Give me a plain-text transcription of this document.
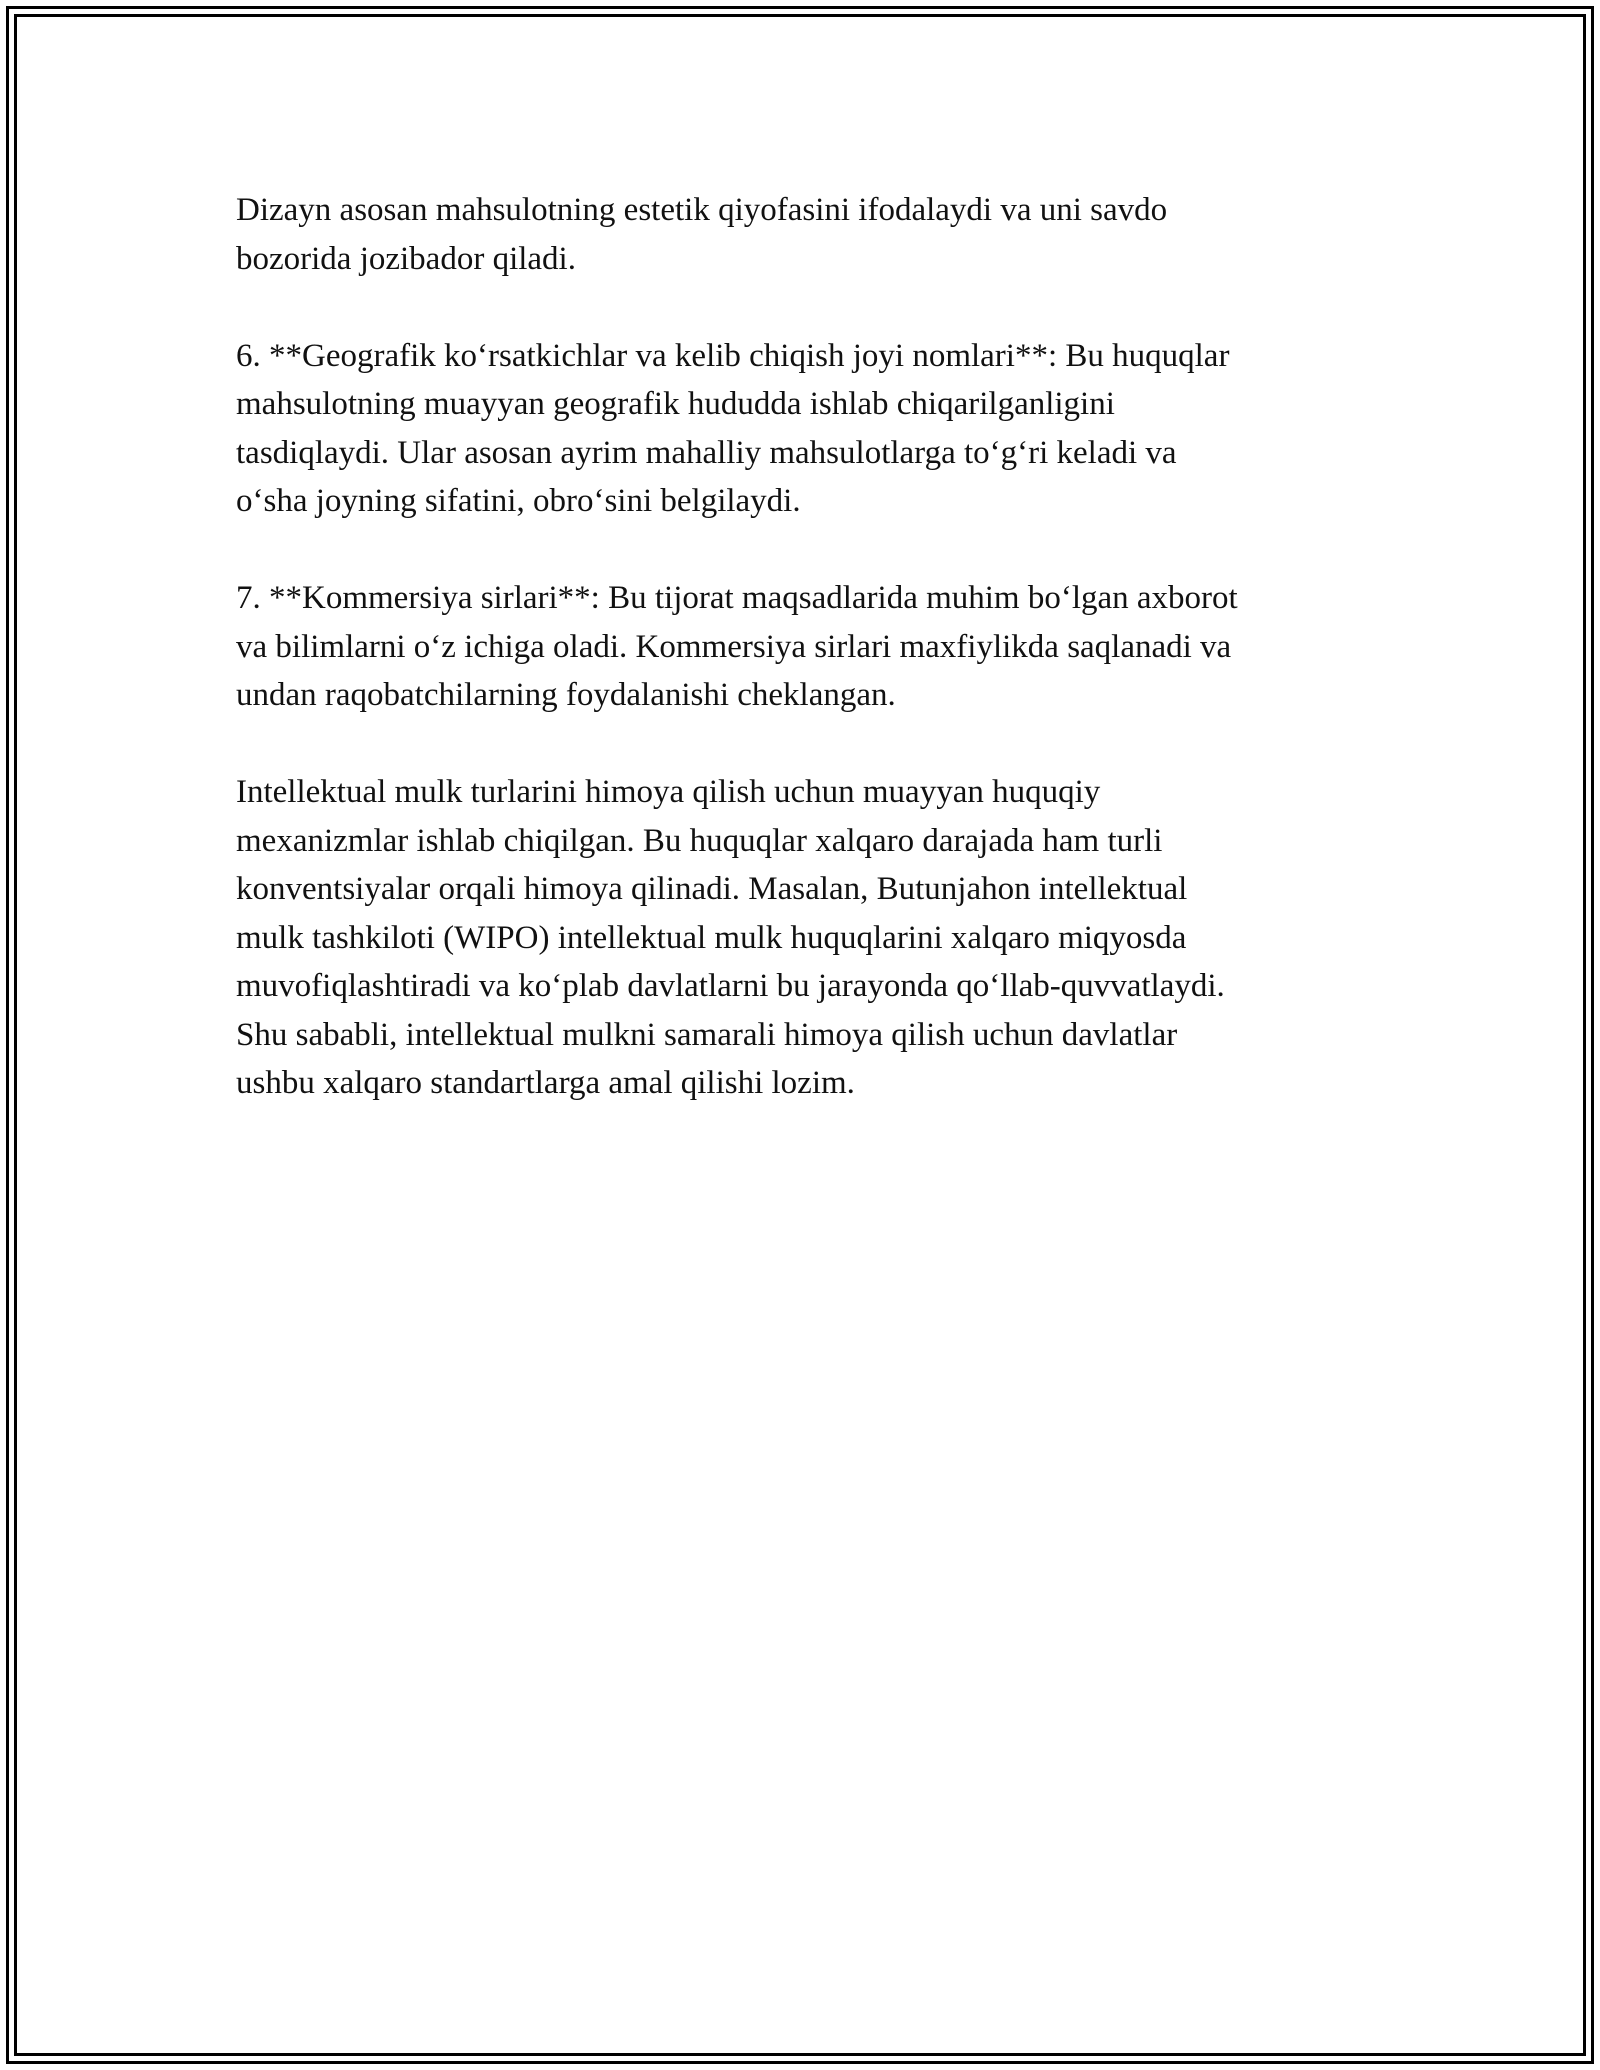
Dizayn asosan mahsulotning estetik qiyofasini ifodalaydi va uni savdo
bozorida jozibador qiladi.

6. **Geografik ko‘rsatkichlar va kelib chiqish joyi nomlari**: Bu huquqlar
mahsulotning muayyan geografik hududda ishlab chiqarilganligini
tasdiqlaydi. Ular asosan ayrim mahalliy mahsulotlarga to‘g‘ri keladi va
o‘sha joyning sifatini, obro‘sini belgilaydi.

7. **Kommersiya sirlari**: Bu tijorat maqsadlarida muhim bo‘lgan axborot
va bilimlarni o‘z ichiga oladi. Kommersiya sirlari maxfiylikda saqlanadi va
undan raqobatchilarning foydalanishi cheklangan.

Intellektual mulk turlarini himoya qilish uchun muayyan huquqiy
mexanizmlar ishlab chiqilgan. Bu huquqlar xalqaro darajada ham turli
konventsiyalar orqali himoya qilinadi. Masalan, Butunjahon intellektual
mulk tashkiloti (WIPO) intellektual mulk huquqlarini xalqaro miqyosda
muvofiqlashtiradi va ko‘plab davlatlarni bu jarayonda qo‘llab-quvvatlaydi.
Shu sababli, intellektual mulkni samarali himoya qilish uchun davlatlar
ushbu xalqaro standartlarga amal qilishi lozim.
